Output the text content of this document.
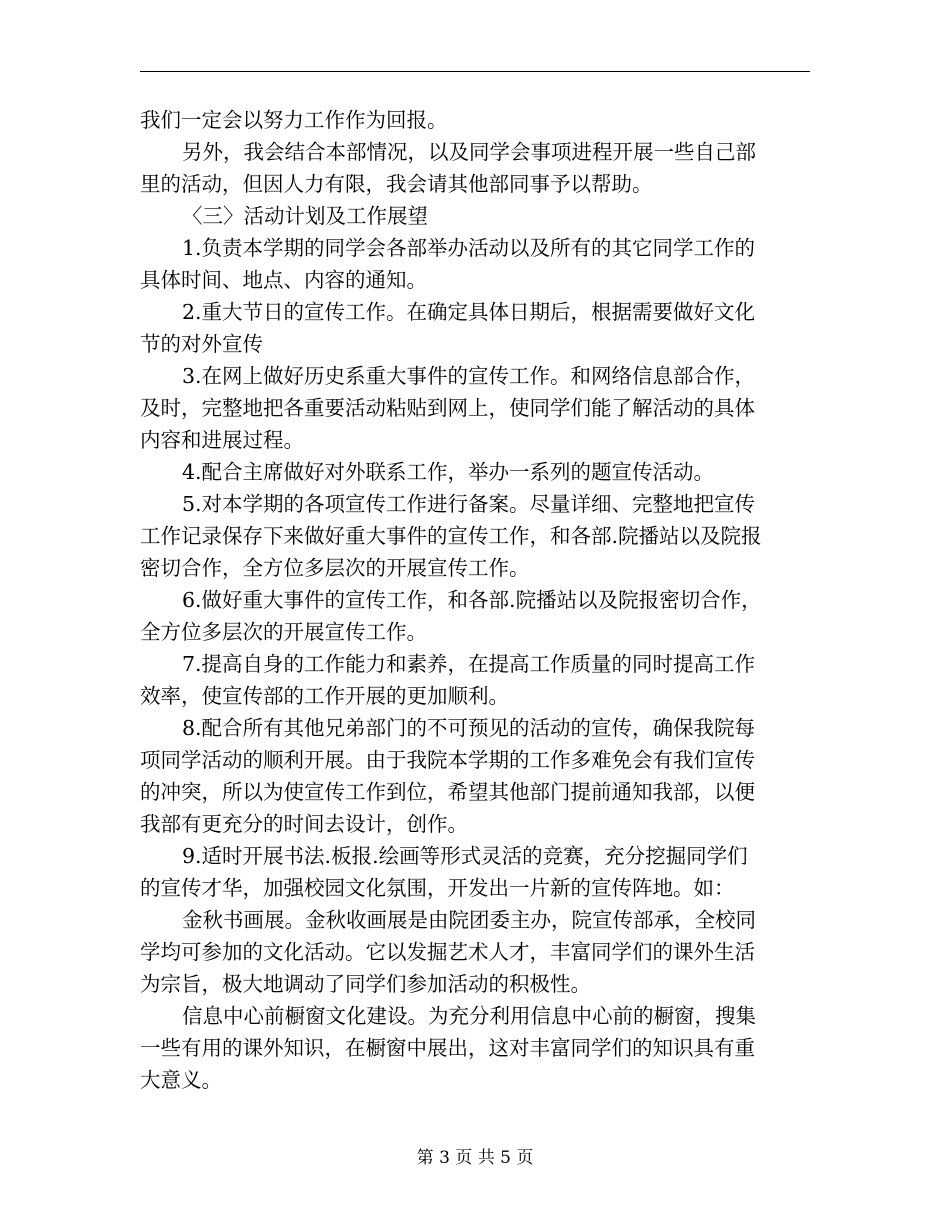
我们一定会以努力工作作为回报。
另外，我会结合本部情况，以及同学会事项进程开展一些自己部
里的活动，但因人力有限，我会请其他部同事予以帮助。
〈三〉活动计划及工作展望
1.负责本学期的同学会各部举办活动以及所有的其它同学工作的
具体时间、地点、内容的通知。
2.重大节日的宣传工作。在确定具体日期后，根据需要做好文化
节的对外宣传
3.在网上做好历史系重大事件的宣传工作。和网络信息部合作，
及时，完整地把各重要活动粘贴到网上，使同学们能了解活动的具体
内容和进展过程。
4.配合主席做好对外联系工作，举办一系列的题宣传活动。
5.对本学期的各项宣传工作进行备案。尽量详细、完整地把宣传
工作记录保存下来做好重大事件的宣传工作，和各部.院播站以及院报
密切合作，全方位多层次的开展宣传工作。
6.做好重大事件的宣传工作，和各部.院播站以及院报密切合作，
全方位多层次的开展宣传工作。
7.提高自身的工作能力和素养，在提高工作质量的同时提高工作
效率，使宣传部的工作开展的更加顺利。
8.配合所有其他兄弟部门的不可预见的活动的宣传，确保我院每
项同学活动的顺利开展。由于我院本学期的工作多难免会有我们宣传
的冲突，所以为使宣传工作到位，希望其他部门提前通知我部，以便
我部有更充分的时间去设计，创作。
9.适时开展书法.板报.绘画等形式灵活的竞赛，充分挖掘同学们
的宣传才华，加强校园文化氛围，开发出一片新的宣传阵地。如：
金秋书画展。金秋收画展是由院团委主办，院宣传部承，全校同
学均可参加的文化活动。它以发掘艺术人才，丰富同学们的课外生活
为宗旨，极大地调动了同学们参加活动的积极性。
信息中心前橱窗文化建设。为充分利用信息中心前的橱窗，搜集
一些有用的课外知识，在橱窗中展出，这对丰富同学们的知识具有重
大意义。
第 3 页 共 5 页
